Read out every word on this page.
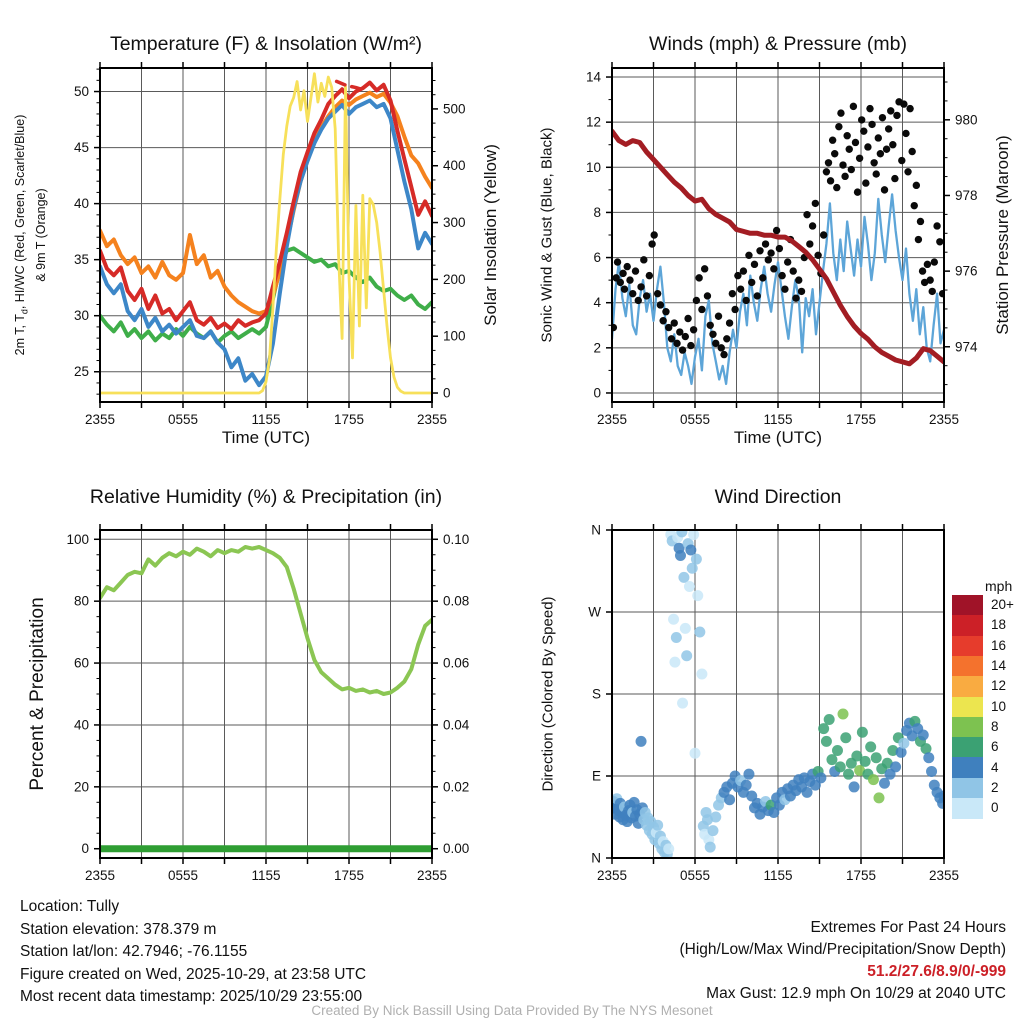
2355	0555	1155	1755	2355
25
30
35
40
45
50
0
100
200
300
400
500
2355	0555	1155	1755	2355
0
2
4
6
8
10
12
14
974
976
978
980
2355	0555	1155	1755	2355
0
20
40
60
80
100
0.00
0.02
0.04
0.06
0.08
0.10
2355	0555	1155	1755	2355
N
E
S
W
N
Temperature (F) & Insolation (W/m²)	Winds (mph) & Pressure (mb)
Relative Humidity (%) & Precipitation (in)	Wind Direction
Time (UTC)	Time (UTC)
2m T, $T_d$, HI/WC (Red, Green, Scarlet/Blue) & 9m T (Orange)	Solar Insolation (Yellow)	Sonic Wind & Gust (Blue, Black)	Station Pressure (Maroon)
Percent & Precipitation	Direction (Colored By Speed)
mph
20+
18
16
14
12
10
8
6
4
2
0
Location: Tully
Station elevation: 378.379 m
Station lat/lon: 42.7946; -76.1155
Figure created on Wed, 2025-10-29, at 23:58 UTC
Most recent data timestamp: 2025/10/29 23:55:00
Extremes For Past 24 Hours
(High/Low/Max Wind/Precipitation/Snow Depth)
51.2/27.6/8.9/0/-999
Max Gust: 12.9 mph On 10/29 at 2040 UTC
Created By Nick Bassill Using Data Provided By The NYS Mesonet
